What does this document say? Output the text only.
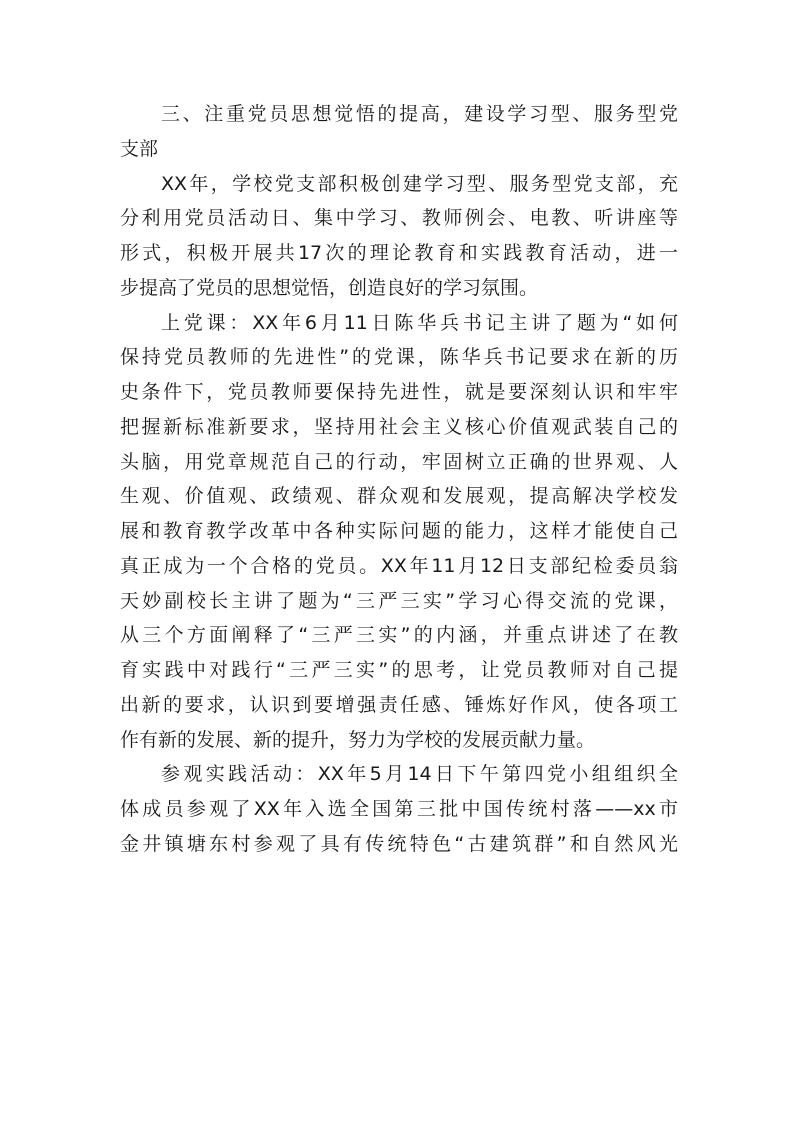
三、注重党员思想觉悟的提高，建设学习型、服务型党
支部
XX年，学校党支部积极创建学习型、服务型党支部，充
分利用党员活动日、集中学习、教师例会、电教、听讲座等
形式，积极开展共17次的理论教育和实践教育活动，进一
步提高了党员的思想觉悟，创造良好的学习氛围。
上党课：XX年6月11日陈华兵书记主讲了题为“如何
保持党员教师的先进性”的党课，陈华兵书记要求在新的历
史条件下，党员教师要保持先进性，就是要深刻认识和牢牢
把握新标准新要求，坚持用社会主义核心价值观武装自己的
头脑，用党章规范自己的行动，牢固树立正确的世界观、人
生观、价值观、政绩观、群众观和发展观，提高解决学校发
展和教育教学改革中各种实际问题的能力，这样才能使自己
真正成为一个合格的党员。XX年11月12日支部纪检委员翁
天妙副校长主讲了题为“三严三实”学习心得交流的党课，
从三个方面阐释了“三严三实”的内涵，并重点讲述了在教
育实践中对践行“三严三实”的思考，让党员教师对自己提
出新的要求，认识到要增强责任感、锤炼好作风，使各项工
作有新的发展、新的提升，努力为学校的发展贡献力量。
参观实践活动：XX年5月14日下午第四党小组组织全
体成员参观了XX年入选全国第三批中国传统村落——xx市
金井镇塘东村参观了具有传统特色“古建筑群”和自然风光
